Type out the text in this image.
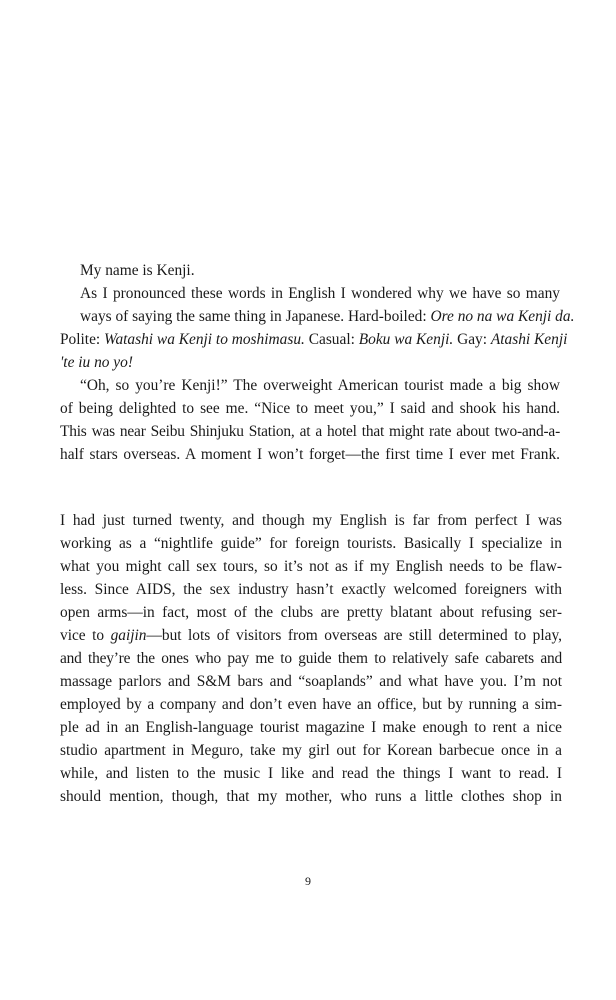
My name is Kenji.

As I pronounced these words in English I wondered why we have so many
ways of saying the same thing in Japanese. Hard-boiled: Ore no na wa Kenji da.
Polite: Watashi wa Kenji to moshimasu. Casual: Boku wa Kenji. Gay: Atashi Kenji
'te iu no yo!

“Oh, so you’re Kenji!” The overweight American tourist made a big show
of being delighted to see me. “Nice to meet you,” I said and shook his hand.
This was near Seibu Shinjuku Station, at a hotel that might rate about two-and-a-
half stars overseas. A moment I won’t forget—the first time I ever met Frank.

I had just turned twenty, and though my English is far from perfect I was
working as a “nightlife guide” for foreign tourists. Basically I specialize in
what you might call sex tours, so it’s not as if my English needs to be flaw-
less. Since AIDS, the sex industry hasn’t exactly welcomed foreigners with
open arms—in fact, most of the clubs are pretty blatant about refusing ser-
vice to gaijin—but lots of visitors from overseas are still determined to play,
and they’re the ones who pay me to guide them to relatively safe cabarets and
massage parlors and S&M bars and “soaplands” and what have you. I’m not
employed by a company and don’t even have an office, but by running a sim-
ple ad in an English-language tourist magazine I make enough to rent a nice
studio apartment in Meguro, take my girl out for Korean barbecue once in a
while, and listen to the music I like and read the things I want to read. I
should mention, though, that my mother, who runs a little clothes shop in

9
